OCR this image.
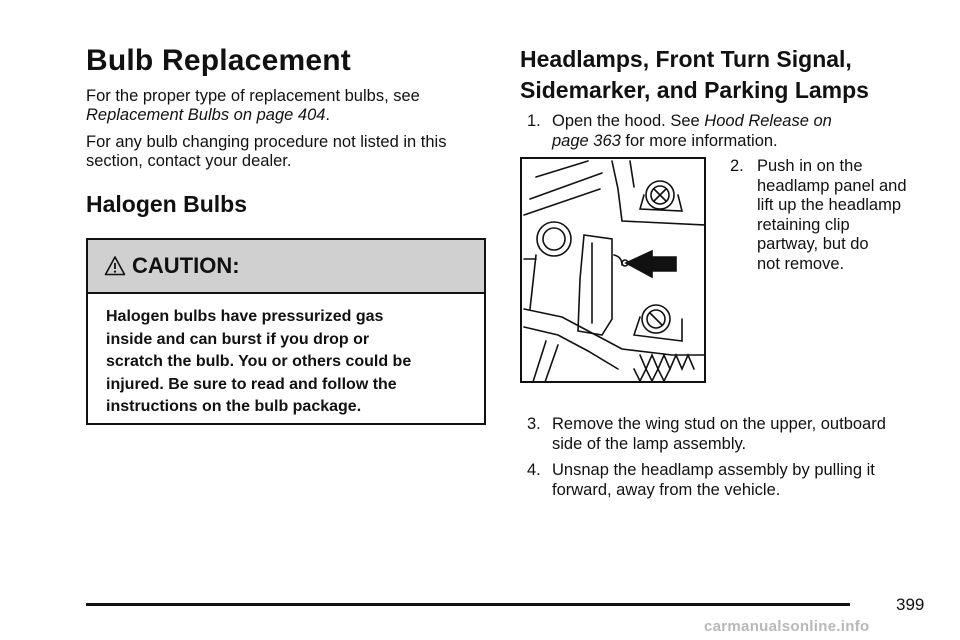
Bulb Replacement
For the proper type of replacement bulbs, see
Replacement Bulbs on page 404.
For any bulb changing procedure not listed in this
section, contact your dealer.
Halogen Bulbs
CAUTION:
Halogen bulbs have pressurized gas
inside and can burst if you drop or
scratch the bulb. You or others could be
injured. Be sure to read and follow the
instructions on the bulb package.
Headlamps, Front Turn Signal,
Sidemarker, and Parking Lamps
1. Open the hood. See Hood Release on
page 363 for more information.
2. Push in on the
headlamp panel and
lift up the headlamp
retaining clip
partway, but do
not remove.
3. Remove the wing stud on the upper, outboard
side of the lamp assembly.
4. Unsnap the headlamp assembly by pulling it
forward, away from the vehicle.
399
carmanualsonline.info
